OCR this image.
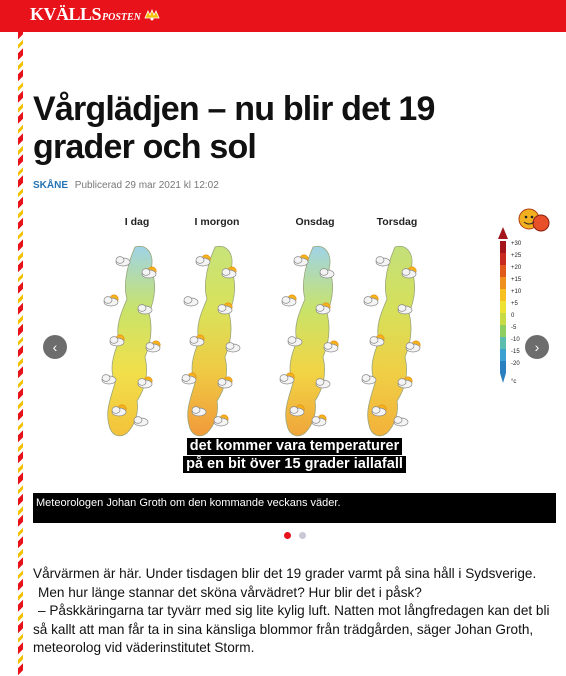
KVÄLLS POSTEN
Vårglädjen – nu blir det 19
grader och sol
SKÅNE Publicerad 29 mar 2021 kl 12:02
I dag	I morgon	Onsdag	Torsdag
+30
+25
+20
+15
+10
+5
0
-5
-10
-15
-20
°c
det kommer vara temperaturer
på en bit över 15 grader iallafall
Meteorologen Johan Groth om den kommande veckans väder.
‹	›

Vårvärmen är här. Under tisdagen blir det 19 grader varmt på sina håll i Sydsverige.

Men hur länge stannar det sköna vårvädret? Hur blir det i påsk?

– Påskkäringarna tar tyvärr med sig lite kylig luft. Natten mot långfredagen kan det bli så kallt att man får ta in sina känsliga blommor från trädgården, säger Johan Groth, meteorolog vid väderinstitutet Storm.
